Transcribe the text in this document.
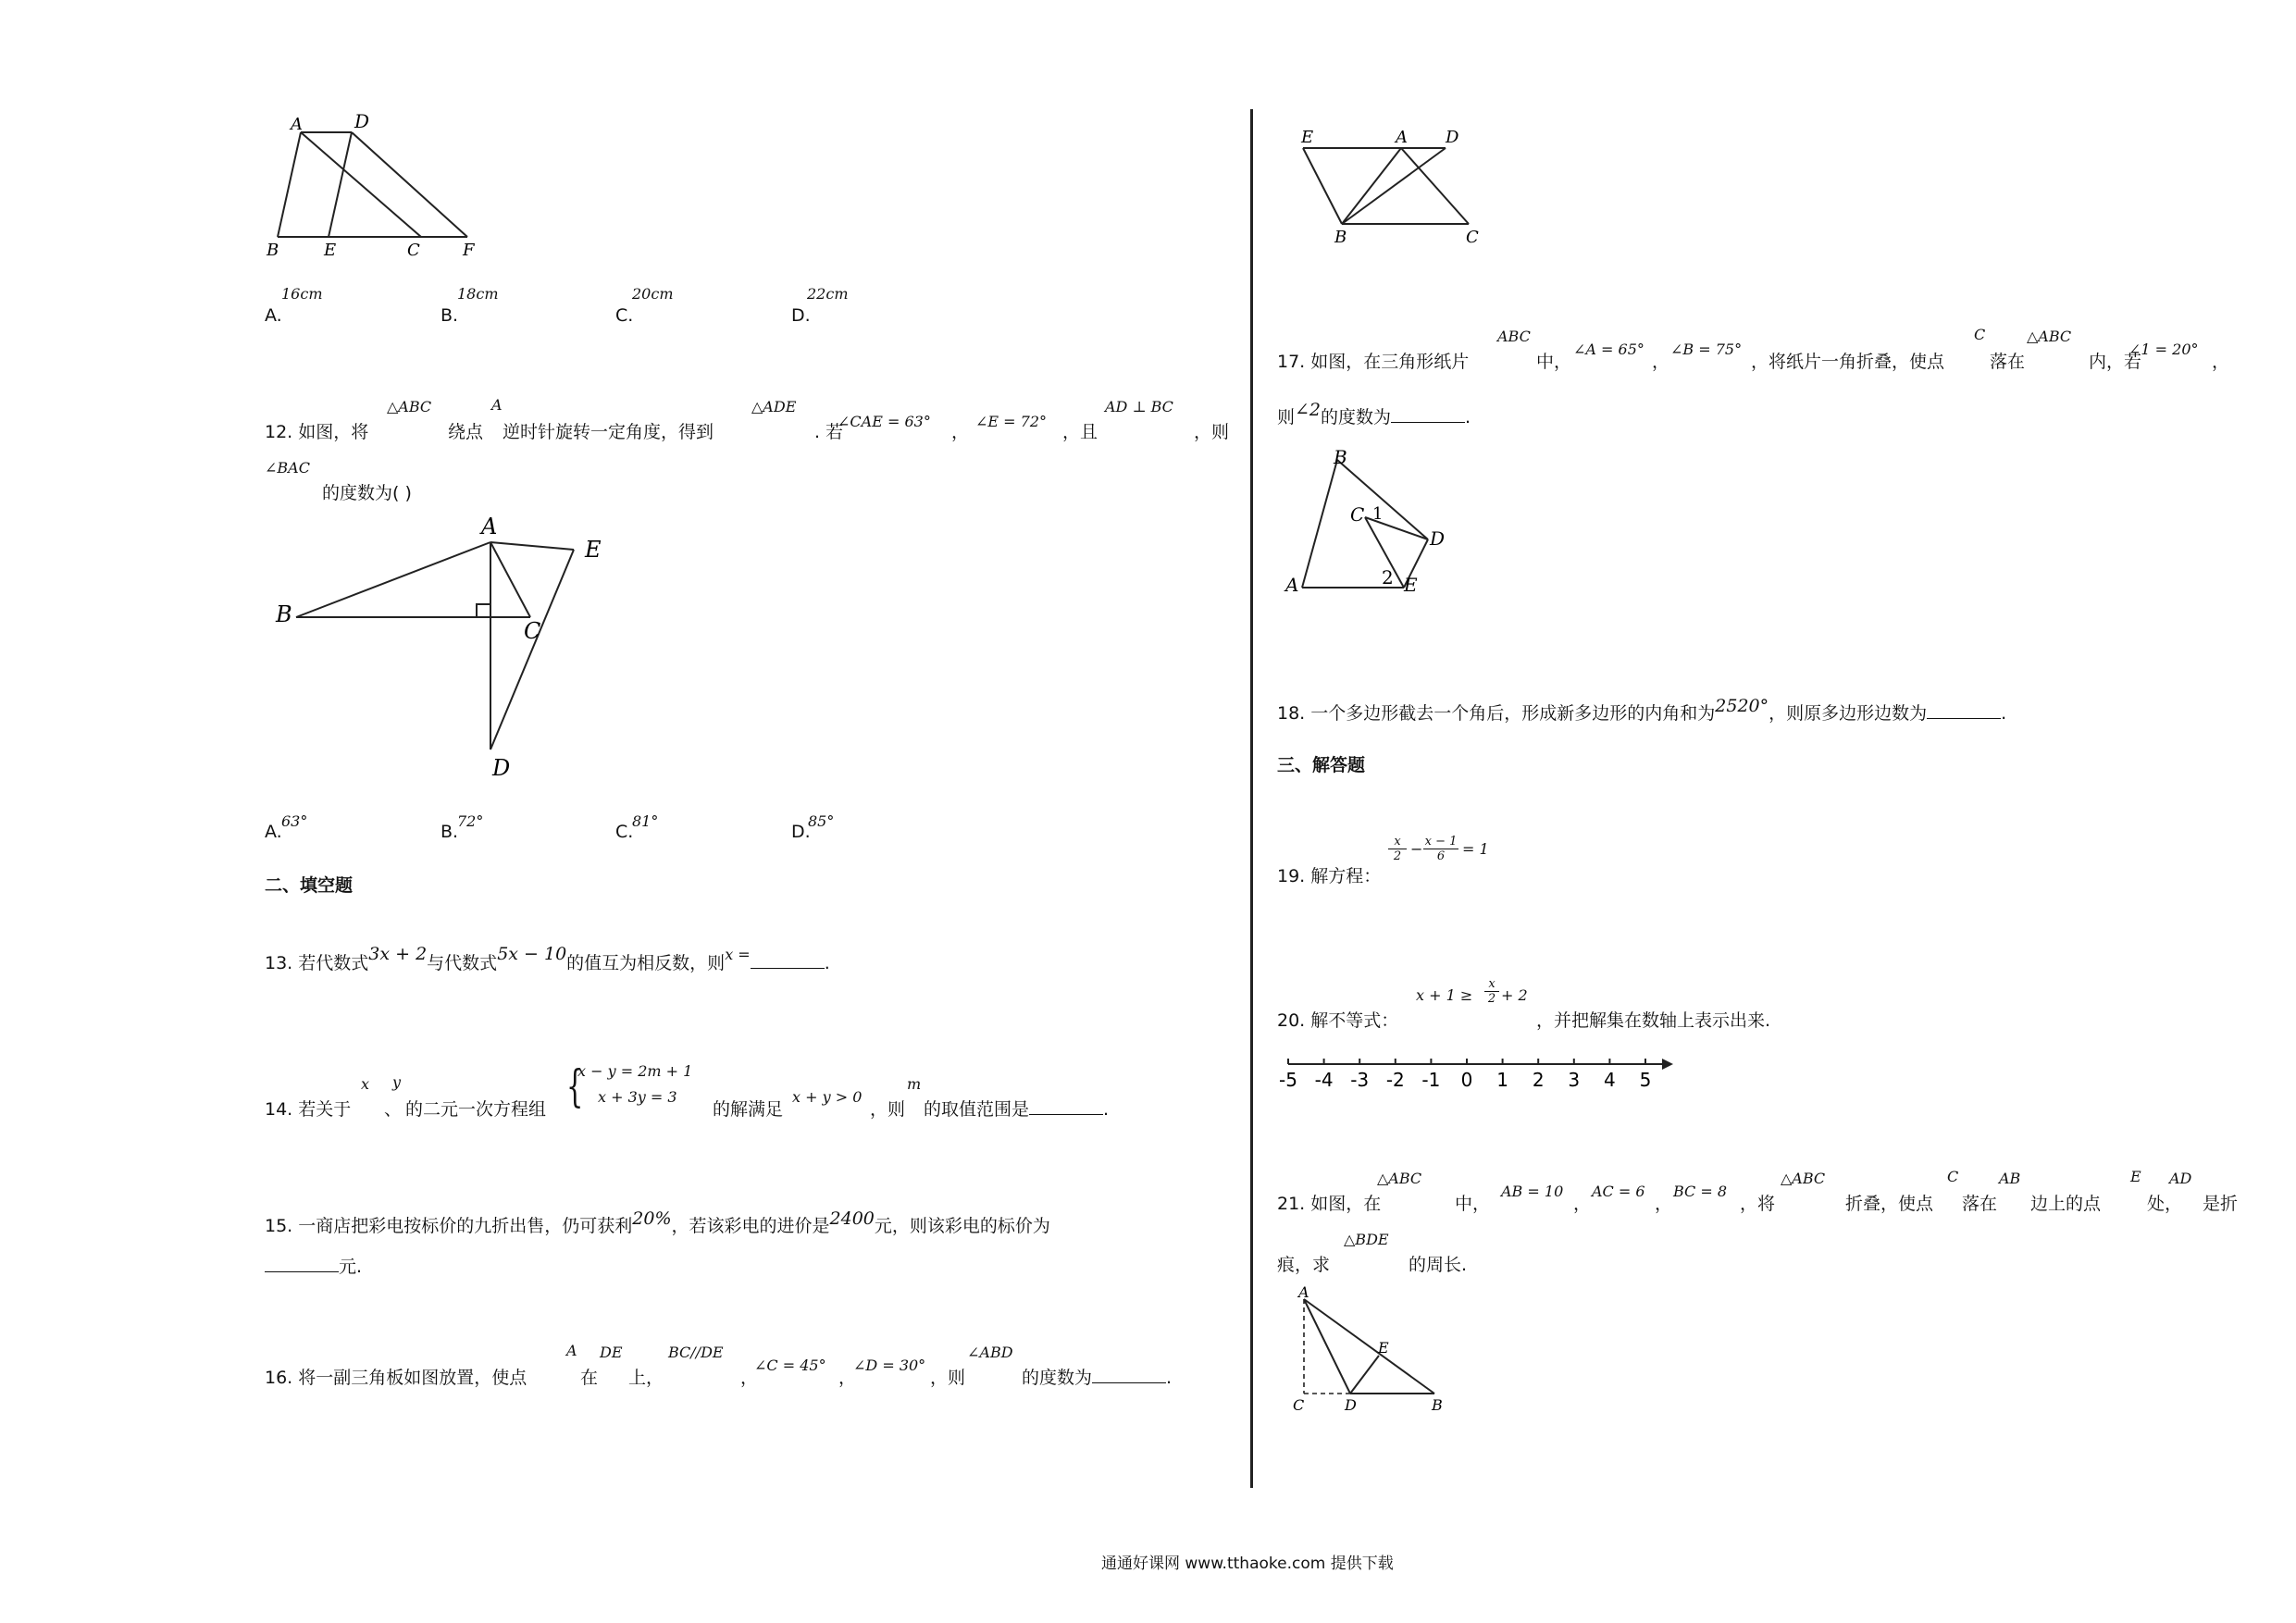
A	D
B	E	C	F
16cm
A.
18cm
B.
20cm
C.
22cm
D.
12. 如图，将
△ABC
绕点
A
逆时针旋转一定角度，得到
△ADE
. 若
∠CAE = 63°
，
∠E = 72°
，且
AD ⊥ BC
，则
∠BAC
的度数为( )
A
E
B
C
D
A.
63°
B.
72°
C.
81°
D.
85°
二、填空题
13. 若代数式3x + 2与代数式5x − 10的值互为相反数，则$^{x =}$	.
14. 若关于
x
、
y
的二元一次方程组 {
x − y = 2m + 1
x + 3y = 3
的解满足
x + y > 0
，则
m
的取值范围是	.
15. 一商店把彩电按标价的九折出售，仍可获利20%，若该彩电的进价是2400元，则该彩电的标价为
元.
16. 将一副三角板如图放置，使点
A
在
DE
上，
BC//DE
，
∠C = 45°
，
∠D = 30°
，则
∠ABD
的度数为	.
E	A D
B	C
17. 如图，在三角形纸片
ABC
中，
∠A = 65°
，
∠B = 75°
，将纸片一角折叠，使点
C
落在
△ABC
内，若
∠1 = 20°
，
则∠2的度数为	.
B
C 1
D
2
A	E
18. 一个多边形截去一个角后，形成新多边形的内角和为2520°，则原多边形边数为	.
三、解答题
19. 解方程：
$\frac{x}{2} - \frac{x - 1}{6} = 1$
20. 解不等式：
$x + 1 \ge \frac{x}{2} + 2$
，并把解集在数轴上表示出来.
-5 -4 -3 -2 -1 0 1 2 3 4 5
21. 如图，在
△ABC
中，
AB = 10
，
AC = 6
，
BC = 8
，将
△ABC
折叠，使点
C
落在
AB
边上的点
E
处，
AD
是折
痕，求
△BDE
的周长.
A
E
C	D	B
通通好课网 www.tthaoke.com 提供下载
